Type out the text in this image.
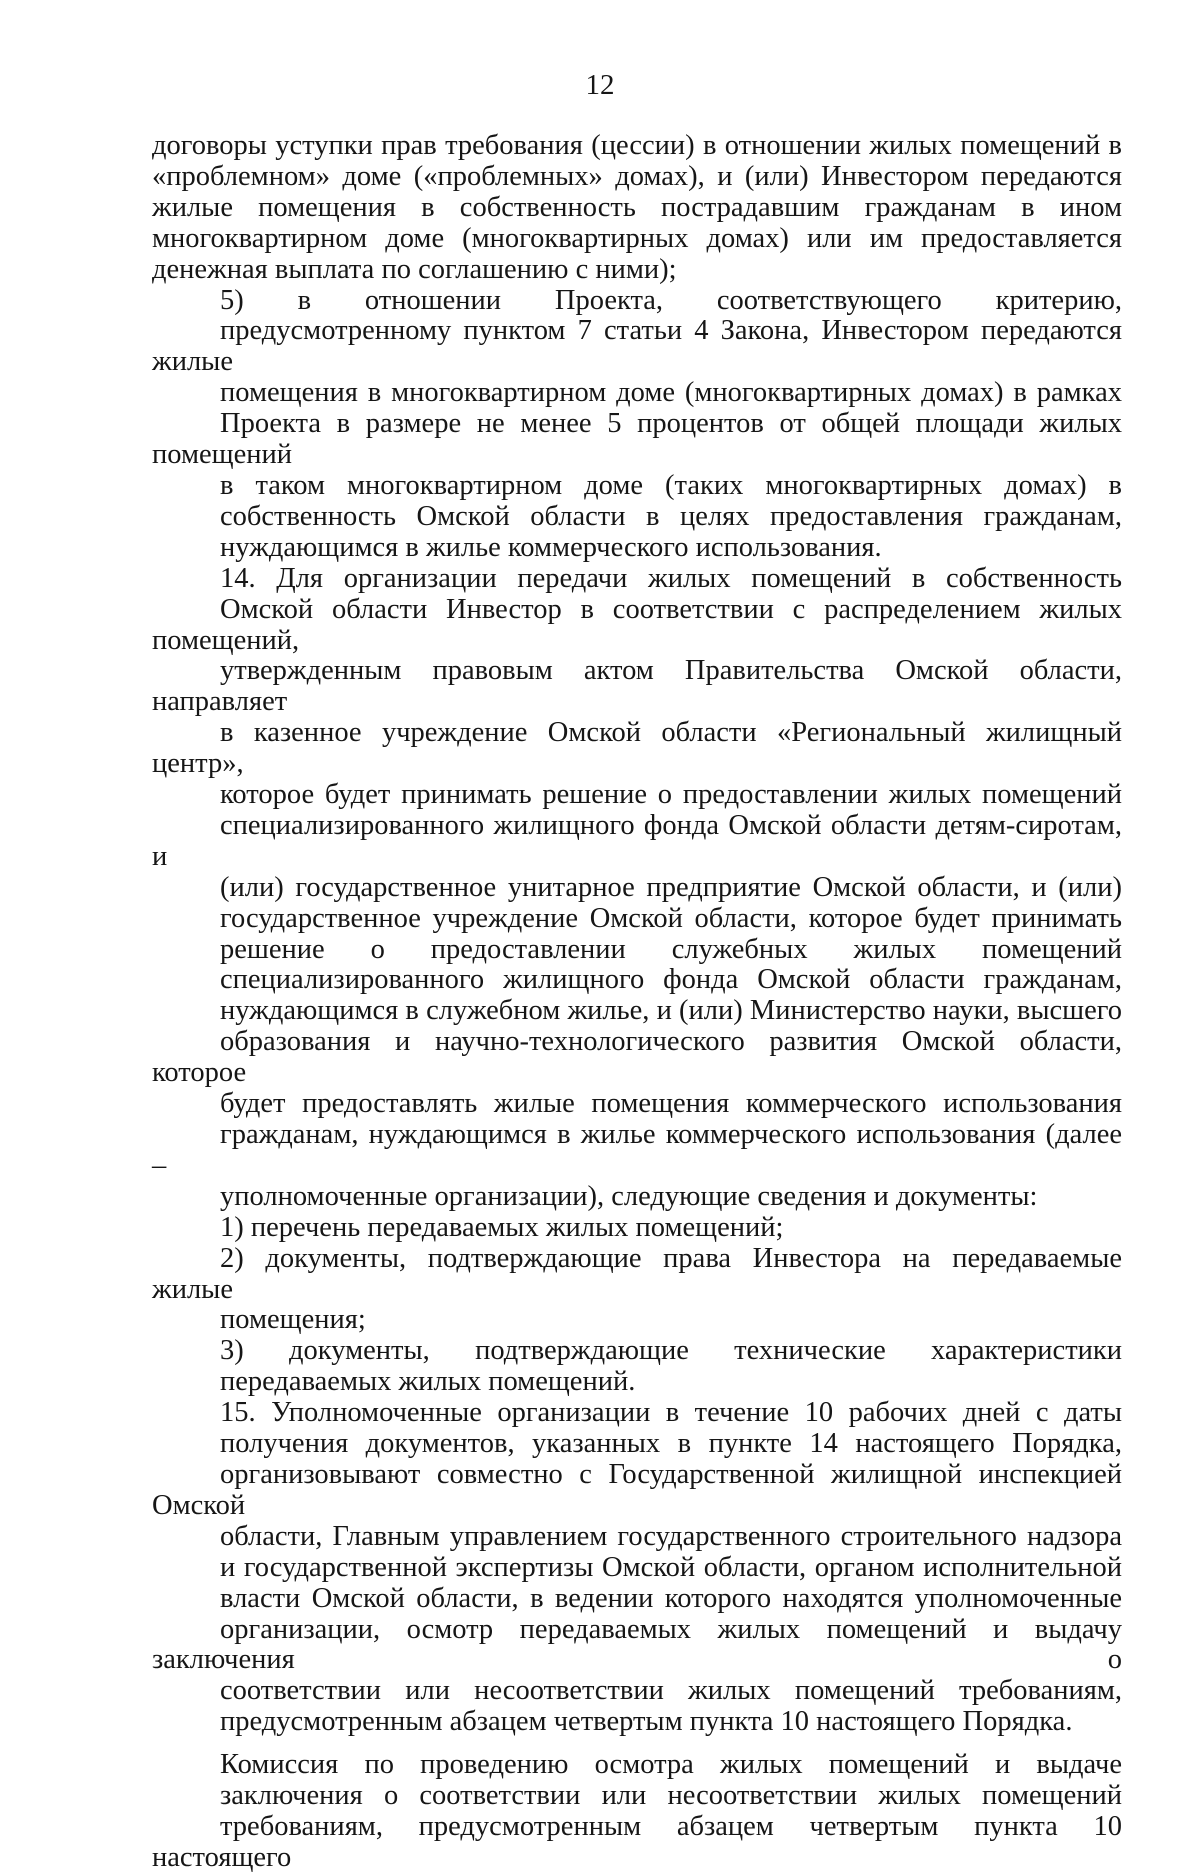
12
договоры уступки прав требования (цессии) в отношении жилых помещений в
«проблемном» доме («проблемных» домах), и (или) Инвестором передаются
жилые помещения в собственность пострадавшим гражданам в ином
многоквартирном доме (многоквартирных домах) или им предоставляется
денежная выплата по соглашению с ними);
5) в отношении Проекта, соответствующего критерию,
предусмотренному пунктом 7 статьи 4 Закона, Инвестором передаются жилые
помещения в многоквартирном доме (многоквартирных домах) в рамках
Проекта в размере не менее 5 процентов от общей площади жилых помещений
в таком многоквартирном доме (таких многоквартирных домах) в
собственность Омской области в целях предоставления гражданам,
нуждающимся в жилье коммерческого использования.
14. Для организации передачи жилых помещений в собственность
Омской области Инвестор в соответствии с распределением жилых помещений,
утвержденным правовым актом Правительства Омской области, направляет
в казенное учреждение Омской области «Региональный жилищный центр»,
которое будет принимать решение о предоставлении жилых помещений
специализированного жилищного фонда Омской области детям-сиротам, и
(или) государственное унитарное предприятие Омской области, и (или)
государственное учреждение Омской области, которое будет принимать
решение о предоставлении служебных жилых помещений
специализированного жилищного фонда Омской области гражданам,
нуждающимся в служебном жилье, и (или) Министерство науки, высшего
образования и научно-технологического развития Омской области, которое
будет предоставлять жилые помещения коммерческого использования
гражданам, нуждающимся в жилье коммерческого использования (далее –
уполномоченные организации), следующие сведения и документы:
1) перечень передаваемых жилых помещений;
2) документы, подтверждающие права Инвестора на передаваемые жилые
помещения;
3) документы, подтверждающие технические характеристики
передаваемых жилых помещений.
15. Уполномоченные организации в течение 10 рабочих дней с даты
получения документов, указанных в пункте 14 настоящего Порядка,
организовывают совместно с Государственной жилищной инспекцией Омской
области, Главным управлением государственного строительного надзора
и государственной экспертизы Омской области, органом исполнительной
власти Омской области, в ведении которого находятся уполномоченные
организации, осмотр передаваемых жилых помещений и выдачу заключения о
соответствии или несоответствии жилых помещений требованиям,
предусмотренным абзацем четвертым пункта 10 настоящего Порядка.
Комиссия по проведению осмотра жилых помещений и выдаче
заключения о соответствии или несоответствии жилых помещений
требованиям, предусмотренным абзацем четвертым пункта 10 настоящего
